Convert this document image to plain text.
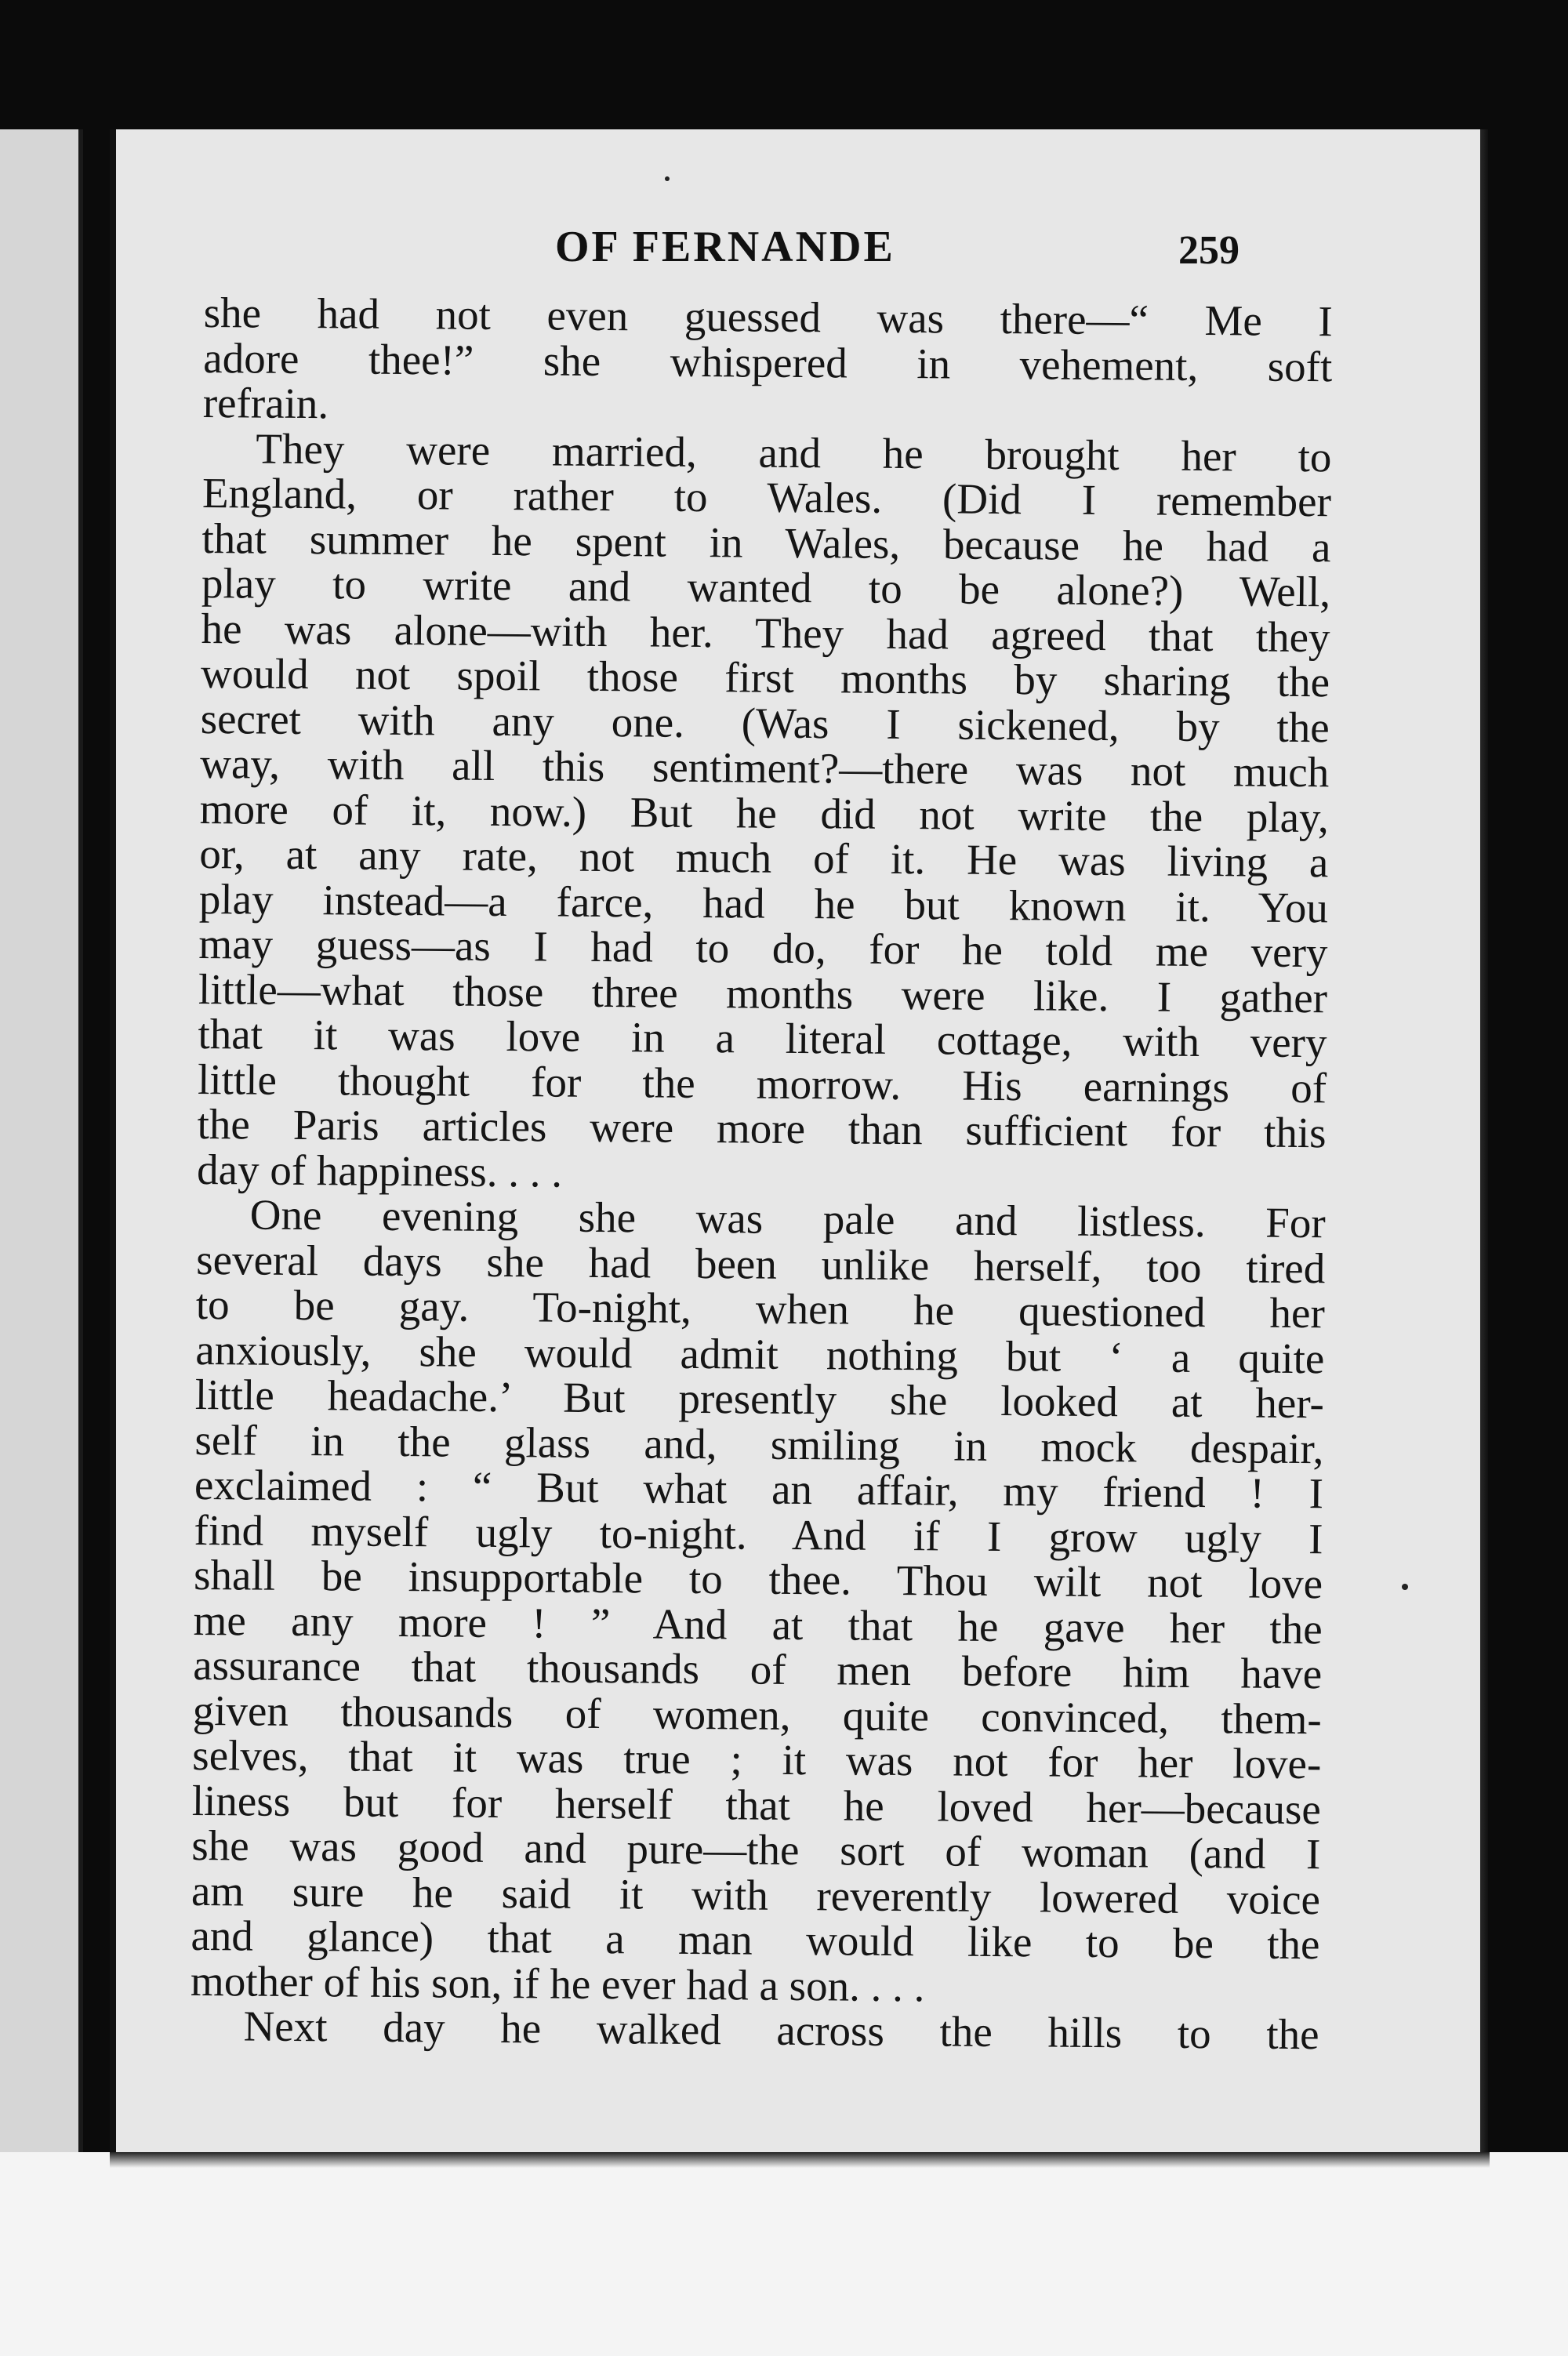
OF FERNANDE	259
she had not even guessed was there—“ Me I
adore thee!” she whispered in vehement, soft
refrain.
They were married, and he brought her to
England, or rather to Wales. (Did I remember
that summer he spent in Wales, because he had a
play to write and wanted to be alone?) Well,
he was alone—with her. They had agreed that they
would not spoil those first months by sharing the
secret with any one. (Was I sickened, by the
way, with all this sentiment?—there was not much
more of it, now.) But he did not write the play,
or, at any rate, not much of it. He was living a
play instead—a farce, had he but known it. You
may guess—as I had to do, for he told me very
little—what those three months were like. I gather
that it was love in a literal cottage, with very
little thought for the morrow. His earnings of
the Paris articles were more than sufficient for this
day of happiness. . . .
One evening she was pale and listless. For
several days she had been unlike herself, too tired
to be gay. To-night, when he questioned her
anxiously, she would admit nothing but ‘ a quite
little headache.’ But presently she looked at her-
self in the glass and, smiling in mock despair,
exclaimed : “ But what an affair, my friend ! I
find myself ugly to-night. And if I grow ugly I
shall be insupportable to thee. Thou wilt not love
me any more ! ” And at that he gave her the
assurance that thousands of men before him have
given thousands of women, quite convinced, them-
selves, that it was true ; it was not for her love-
liness but for herself that he loved her—because
she was good and pure—the sort of woman (and I
am sure he said it with reverently lowered voice
and glance) that a man would like to be the
mother of his son, if he ever had a son. . . .
Next day he walked across the hills to the
